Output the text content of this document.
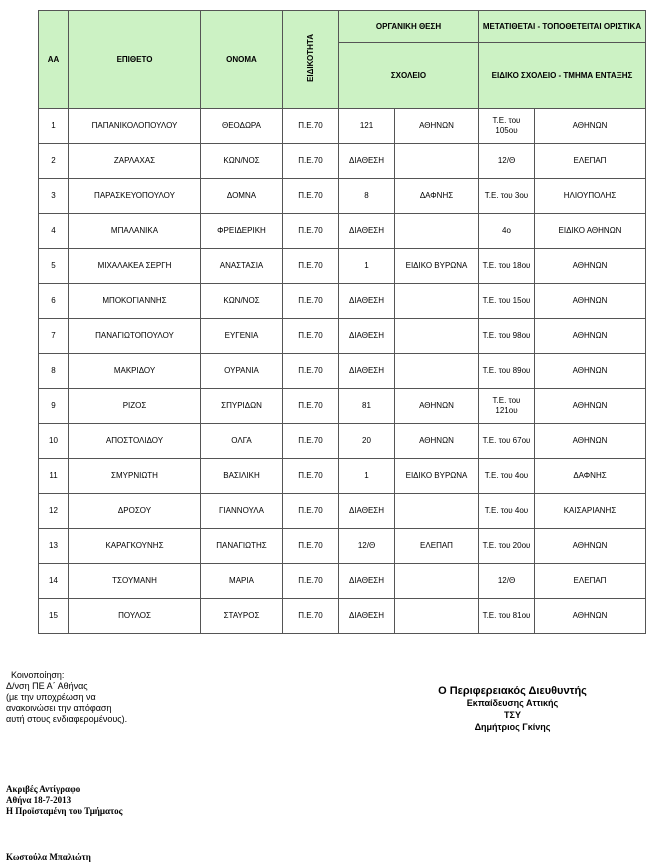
ΑΑ	ΕΠΙΘΕΤΟ	ΟΝΟΜΑ	ΕΙΔΙΚΟΤΗΤΑ	ΟΡΓΑΝΙΚΗ ΘΕΣΗ		ΜΕΤΑΤΙΘΕΤΑΙ - ΤΟΠΟΘΕΤΕΙΤΑΙ ΟΡΙΣΤΙΚΑ	
				ΣΧΟΛΕΙΟ		ΕΙΔΙΚΟ ΣΧΟΛΕΙΟ - ΤΜΗΜΑ ΕΝΤΑΞΗΣ	
1	ΠΑΠΑΝΙΚΟΛΟΠΟΥΛΟΥ	ΘΕΟΔΩΡΑ	Π.Ε.70	121	ΑΘΗΝΩΝ	Τ.Ε. του 105ου	ΑΘΗΝΩΝ
2	ΖΑΡΛΑΧΑΣ	ΚΩΝ/ΝΟΣ	Π.Ε.70	ΔΙΑΘΕΣΗ		12/Θ	ΕΛΕΠΑΠ
3	ΠΑΡΑΣΚΕΥΟΠΟΥΛΟΥ	ΔΟΜΝΑ	Π.Ε.70	8	ΔΑΦΝΗΣ	Τ.Ε. του 3ου	ΗΛΙΟΥΠΟΛΗΣ
4	ΜΠΑΛΑΝΙΚΑ	ΦΡΕΙΔΕΡΙΚΗ	Π.Ε.70	ΔΙΑΘΕΣΗ		4ο	ΕΙΔΙΚΟ ΑΘΗΝΩΝ
5	ΜΙΧΑΛΑΚΕΑ ΣΕΡΓΗ	ΑΝΑΣΤΑΣΙΑ	Π.Ε.70	1	ΕΙΔΙΚΟ ΒΥΡΩΝΑ	Τ.Ε. του 18ου	ΑΘΗΝΩΝ
6	ΜΠΟΚΟΓΙΑΝΝΗΣ	ΚΩΝ/ΝΟΣ	Π.Ε.70	ΔΙΑΘΕΣΗ		Τ.Ε. του 15ου	ΑΘΗΝΩΝ
7	ΠΑΝΑΓΙΩΤΟΠΟΥΛΟΥ	ΕΥΓΕΝΙΑ	Π.Ε.70	ΔΙΑΘΕΣΗ		Τ.Ε. του 98ου	ΑΘΗΝΩΝ
8	ΜΑΚΡΙΔΟΥ	ΟΥΡΑΝΙΑ	Π.Ε.70	ΔΙΑΘΕΣΗ		Τ.Ε. του 89ου	ΑΘΗΝΩΝ
9	ΡΙΖΟΣ	ΣΠΥΡΙΔΩΝ	Π.Ε.70	81	ΑΘΗΝΩΝ	Τ.Ε. του 121ου	ΑΘΗΝΩΝ
10	ΑΠΟΣΤΟΛΙΔΟΥ	ΟΛΓΑ	Π.Ε.70	20	ΑΘΗΝΩΝ	Τ.Ε. του 67ου	ΑΘΗΝΩΝ
11	ΣΜΥΡΝΙΩΤΗ	ΒΑΣΙΛΙΚΗ	Π.Ε.70	1	ΕΙΔΙΚΟ ΒΥΡΩΝΑ	Τ.Ε. του 4ου	ΔΑΦΝΗΣ
12	ΔΡΟΣΟΥ	ΓΙΑΝΝΟΥΛΑ	Π.Ε.70	ΔΙΑΘΕΣΗ		Τ.Ε. του 4ου	ΚΑΙΣΑΡΙΑΝΗΣ
13	ΚΑΡΑΓΚΟΥΝΗΣ	ΠΑΝΑΓΙΩΤΗΣ	Π.Ε.70	12/Θ	ΕΛΕΠΑΠ	Τ.Ε. του 20ου	ΑΘΗΝΩΝ
14	ΤΣΟΥΜΑΝΗ	ΜΑΡΙΑ	Π.Ε.70	ΔΙΑΘΕΣΗ		12/Θ	ΕΛΕΠΑΠ
15	ΠΟΥΛΟΣ	ΣΤΑΥΡΟΣ	Π.Ε.70	ΔΙΑΘΕΣΗ		Τ.Ε. του 81ου	ΑΘΗΝΩΝ
Κοινοποίηση:
Δ/νση ΠΕ Α΄ Αθήνας
(με την υποχρέωση να
ανακοινώσει την απόφαση
αυτή στους ενδιαφερομένους).
Ο Περιφερειακός Διευθυντής
Εκπαίδευσης Αττικής
ΤΣΥ
Δημήτριος Γκίνης
Ακριβές Αντίγραφο
Αθήνα 18-7-2013
Η Προϊσταμένη του Τμήματος
Κωστούλα Μπαλιώτη
